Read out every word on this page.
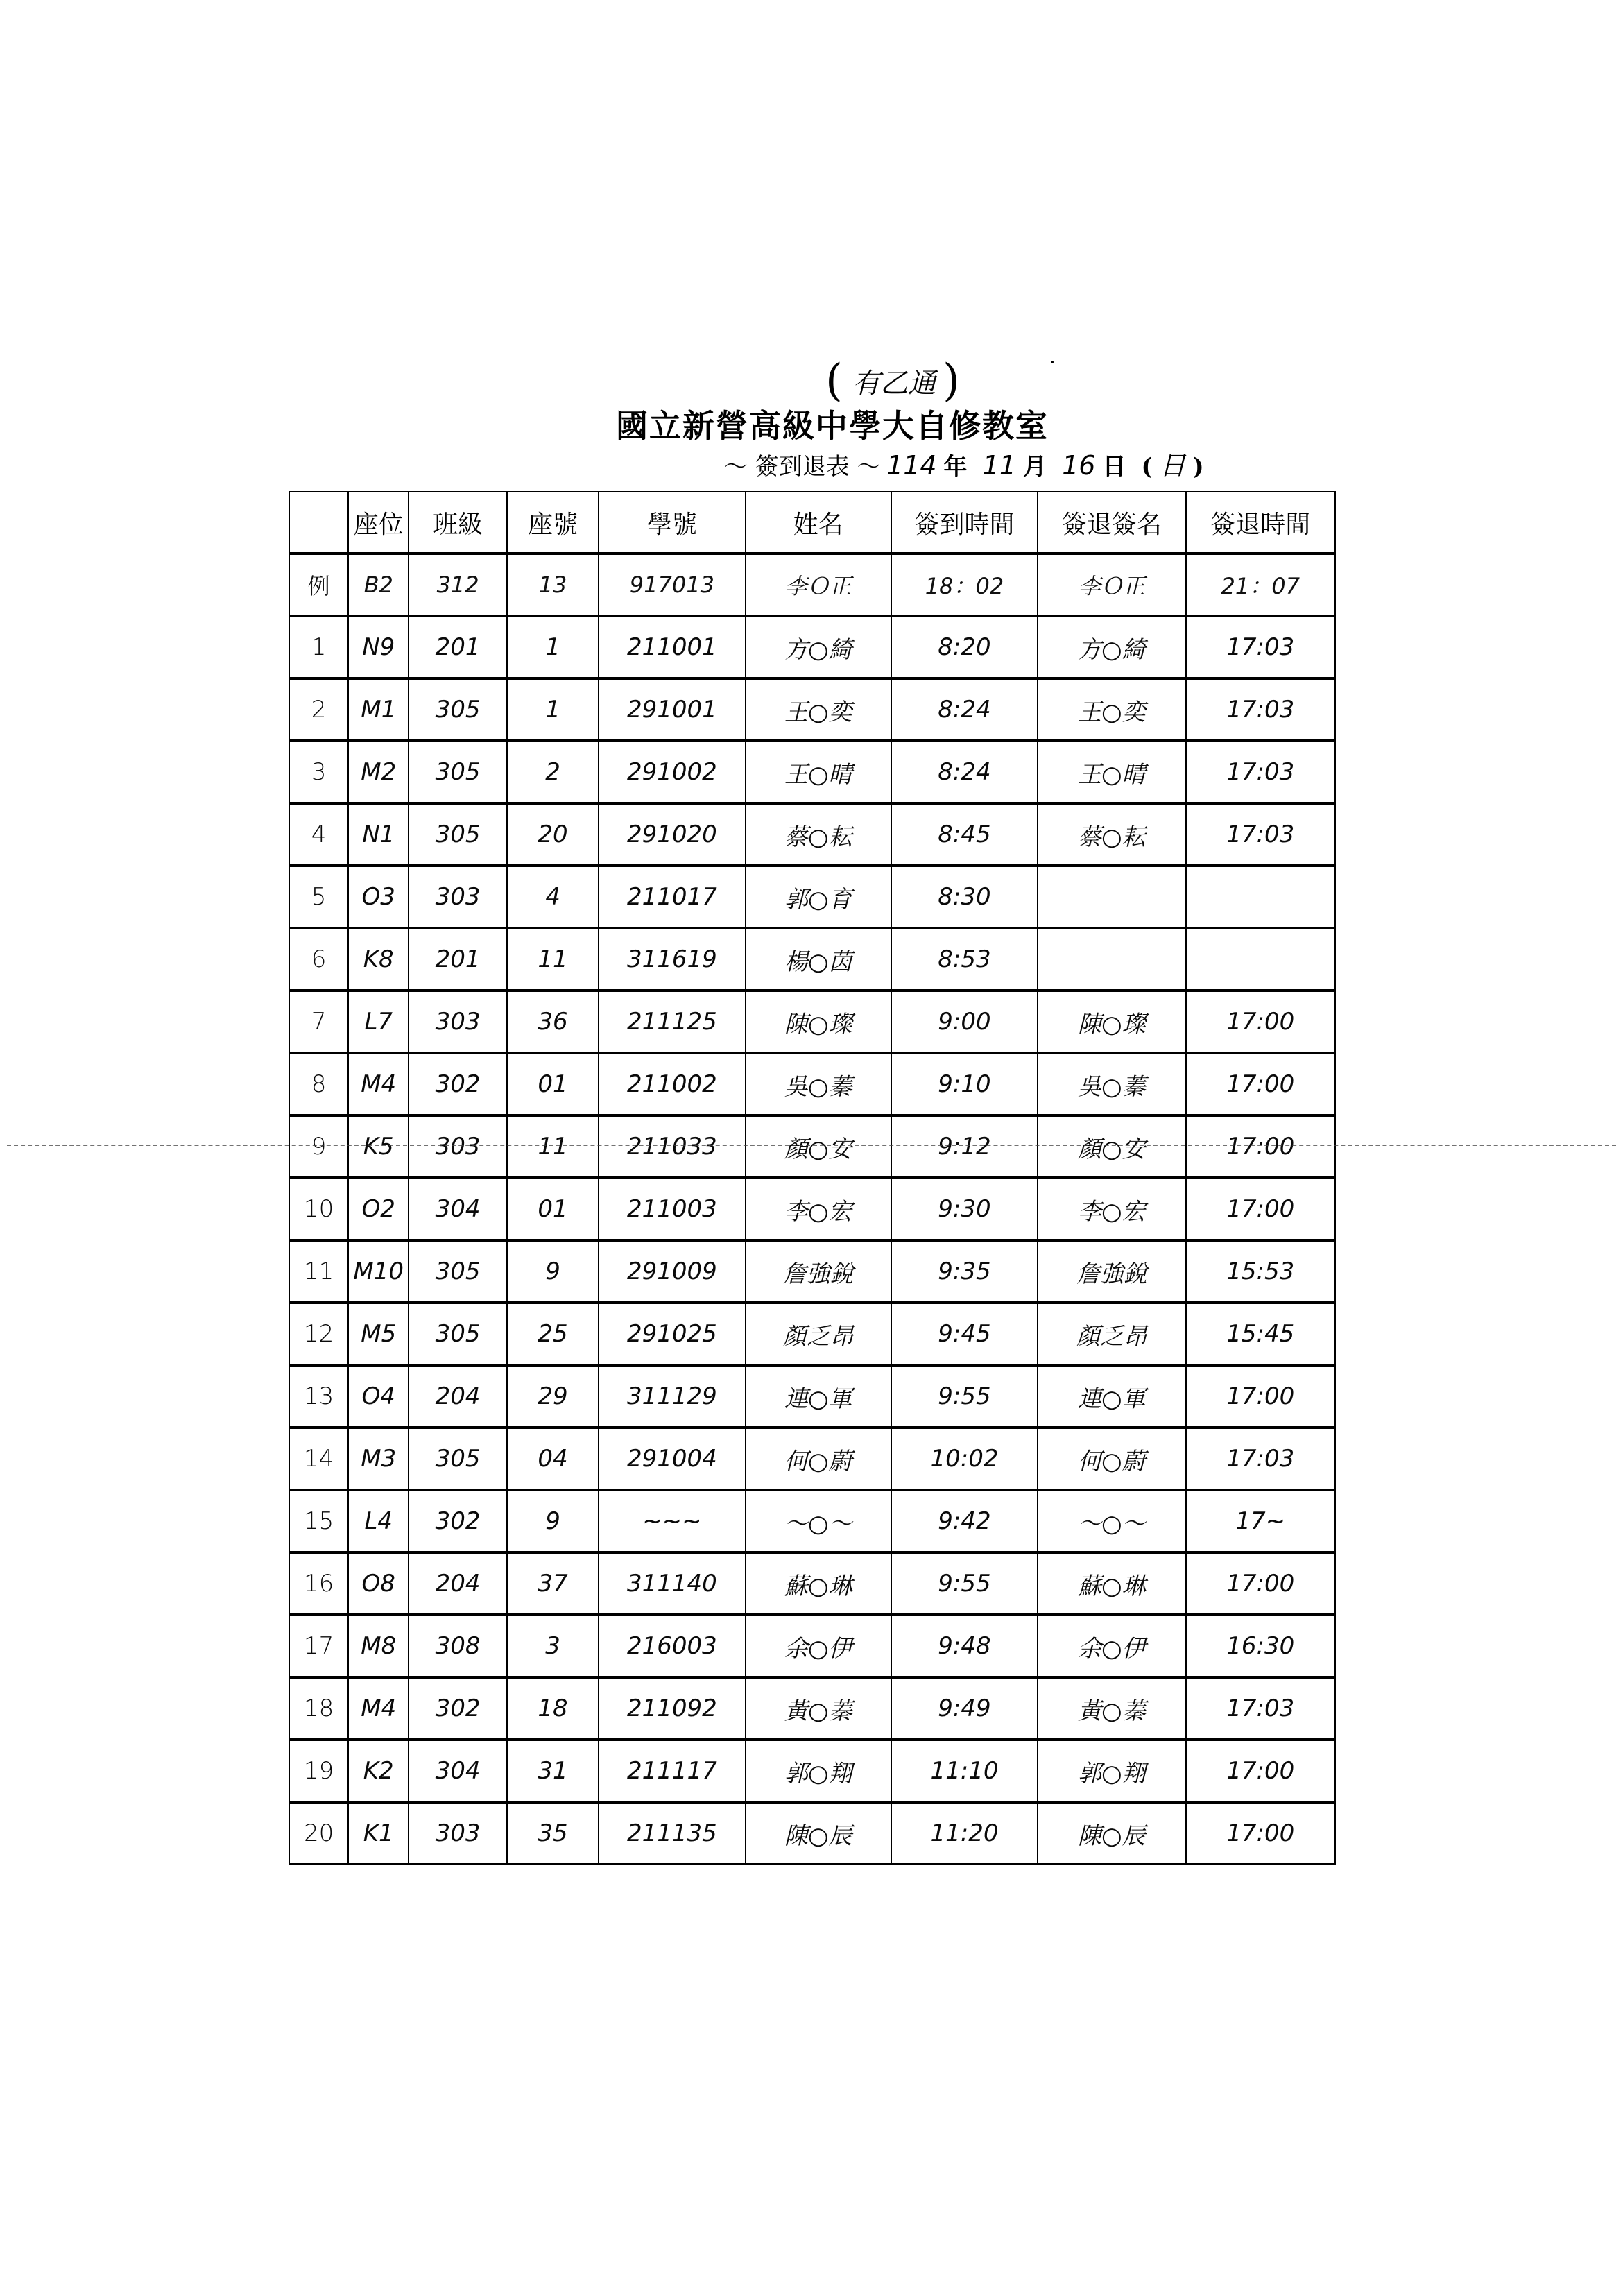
( 有乙通 )
國立新營高級中學大自修教室
～ 簽到退表 ～ 114 年 11 月 16 日 ( 日 )
	座位	班級	座號	學號	姓名	簽到時間	簽退簽名	簽退時間
例	B2	312	13	917013	李Ｏ正	18：02	李Ｏ正	21：07
1	N9	201	1	211001	方○綺	8:20	方○綺	17:03
2	M1	305	1	291001	王○奕	8:24	王○奕	17:03
3	M2	305	2	291002	王○晴	8:24	王○晴	17:03
4	N1	305	20	291020	蔡○耘	8:45	蔡○耘	17:03
5	O3	303	4	211017	郭○育	8:30		
6	K8	201	11	311619	楊○茵	8:53		
7	L7	303	36	211125	陳○璨	9:00	陳○璨	17:00
8	M4	302	01	211002	吳○蓁	9:10	吳○蓁	17:00
9	K5	303	11	211033	顏○安	9:12	顏○安	17:00
10	O2	304	01	211003	李○宏	9:30	李○宏	17:00
11	M10	305	9	291009	詹強銳	9:35	詹強銳	15:53
12	M5	305	25	291025	顏乏昂	9:45	顏乏昂	15:45
13	O4	204	29	311129	連○軍	9:55	連○軍	17:00
14	M3	305	04	291004	何○蔚	10:02	何○蔚	17:03
15	L4	302	9	~~~	～○～	9:42	～○～	17~
16	O8	204	37	311140	蘇○琳	9:55	蘇○琳	17:00
17	M8	308	3	216003	余○伊	9:48	余○伊	16:30
18	M4	302	18	211092	黃○蓁	9:49	黃○蓁	17:03
19	K2	304	31	211117	郭○翔	11:10	郭○翔	17:00
20	K1	303	35	211135	陳○辰	11:20	陳○辰	17:00
